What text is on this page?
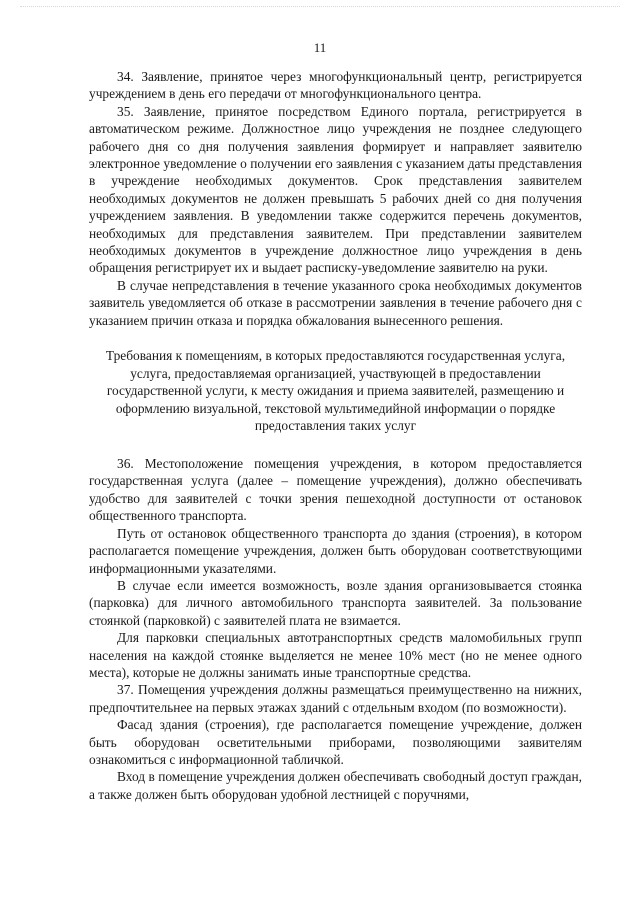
11

34. Заявление, принятое через многофункциональный центр, регистрируется учреждением в день его передачи от многофункционального центра.

35. Заявление, принятое посредством Единого портала, регистрируется в автоматическом режиме. Должностное лицо учреждения не позднее следующего рабочего дня со дня получения заявления формирует и направляет заявителю электронное уведомление о получении его заявления с указанием даты представления в учреждение необходимых документов. Срок представления заявителем необходимых документов не должен превышать 5 рабочих дней со дня получения учреждением заявления. В уведомлении также содержится перечень документов, необходимых для представления заявителем. При представлении заявителем необходимых документов в учреждение должностное лицо учреждения в день обращения регистрирует их и выдает расписку-уведомление заявителю на руки.

В случае непредставления в течение указанного срока необходимых документов заявитель уведомляется об отказе в рассмотрении заявления в течение рабочего дня с указанием причин отказа и порядка обжалования вынесенного решения.

Требования к помещениям, в которых предоставляются государственная услуга, услуга, предоставляемая организацией, участвующей в предоставлении государственной услуги, к месту ожидания и приема заявителей, размещению и оформлению визуальной, текстовой мультимедийной информации о порядке предоставления таких услуг

36. Местоположение помещения учреждения, в котором предоставляется государственная услуга (далее – помещение учреждения), должно обеспечивать удобство для заявителей с точки зрения пешеходной доступности от остановок общественного транспорта.

Путь от остановок общественного транспорта до здания (строения), в котором располагается помещение учреждения, должен быть оборудован соответствующими информационными указателями.

В случае если имеется возможность, возле здания организовывается стоянка (парковка) для личного автомобильного транспорта заявителей. За пользование стоянкой (парковкой) с заявителей плата не взимается.

Для парковки специальных автотранспортных средств маломобильных групп населения на каждой стоянке выделяется не менее 10% мест (но не менее одного места), которые не должны занимать иные транспортные средства.

37. Помещения учреждения должны размещаться преимущественно на нижних, предпочтительнее на первых этажах зданий с отдельным входом (по возможности).

Фасад здания (строения), где располагается помещение учреждение, должен быть оборудован осветительными приборами, позволяющими заявителям ознакомиться с информационной табличкой.

Вход в помещение учреждения должен обеспечивать свободный доступ граждан, а также должен быть оборудован удобной лестницей с поручнями,
